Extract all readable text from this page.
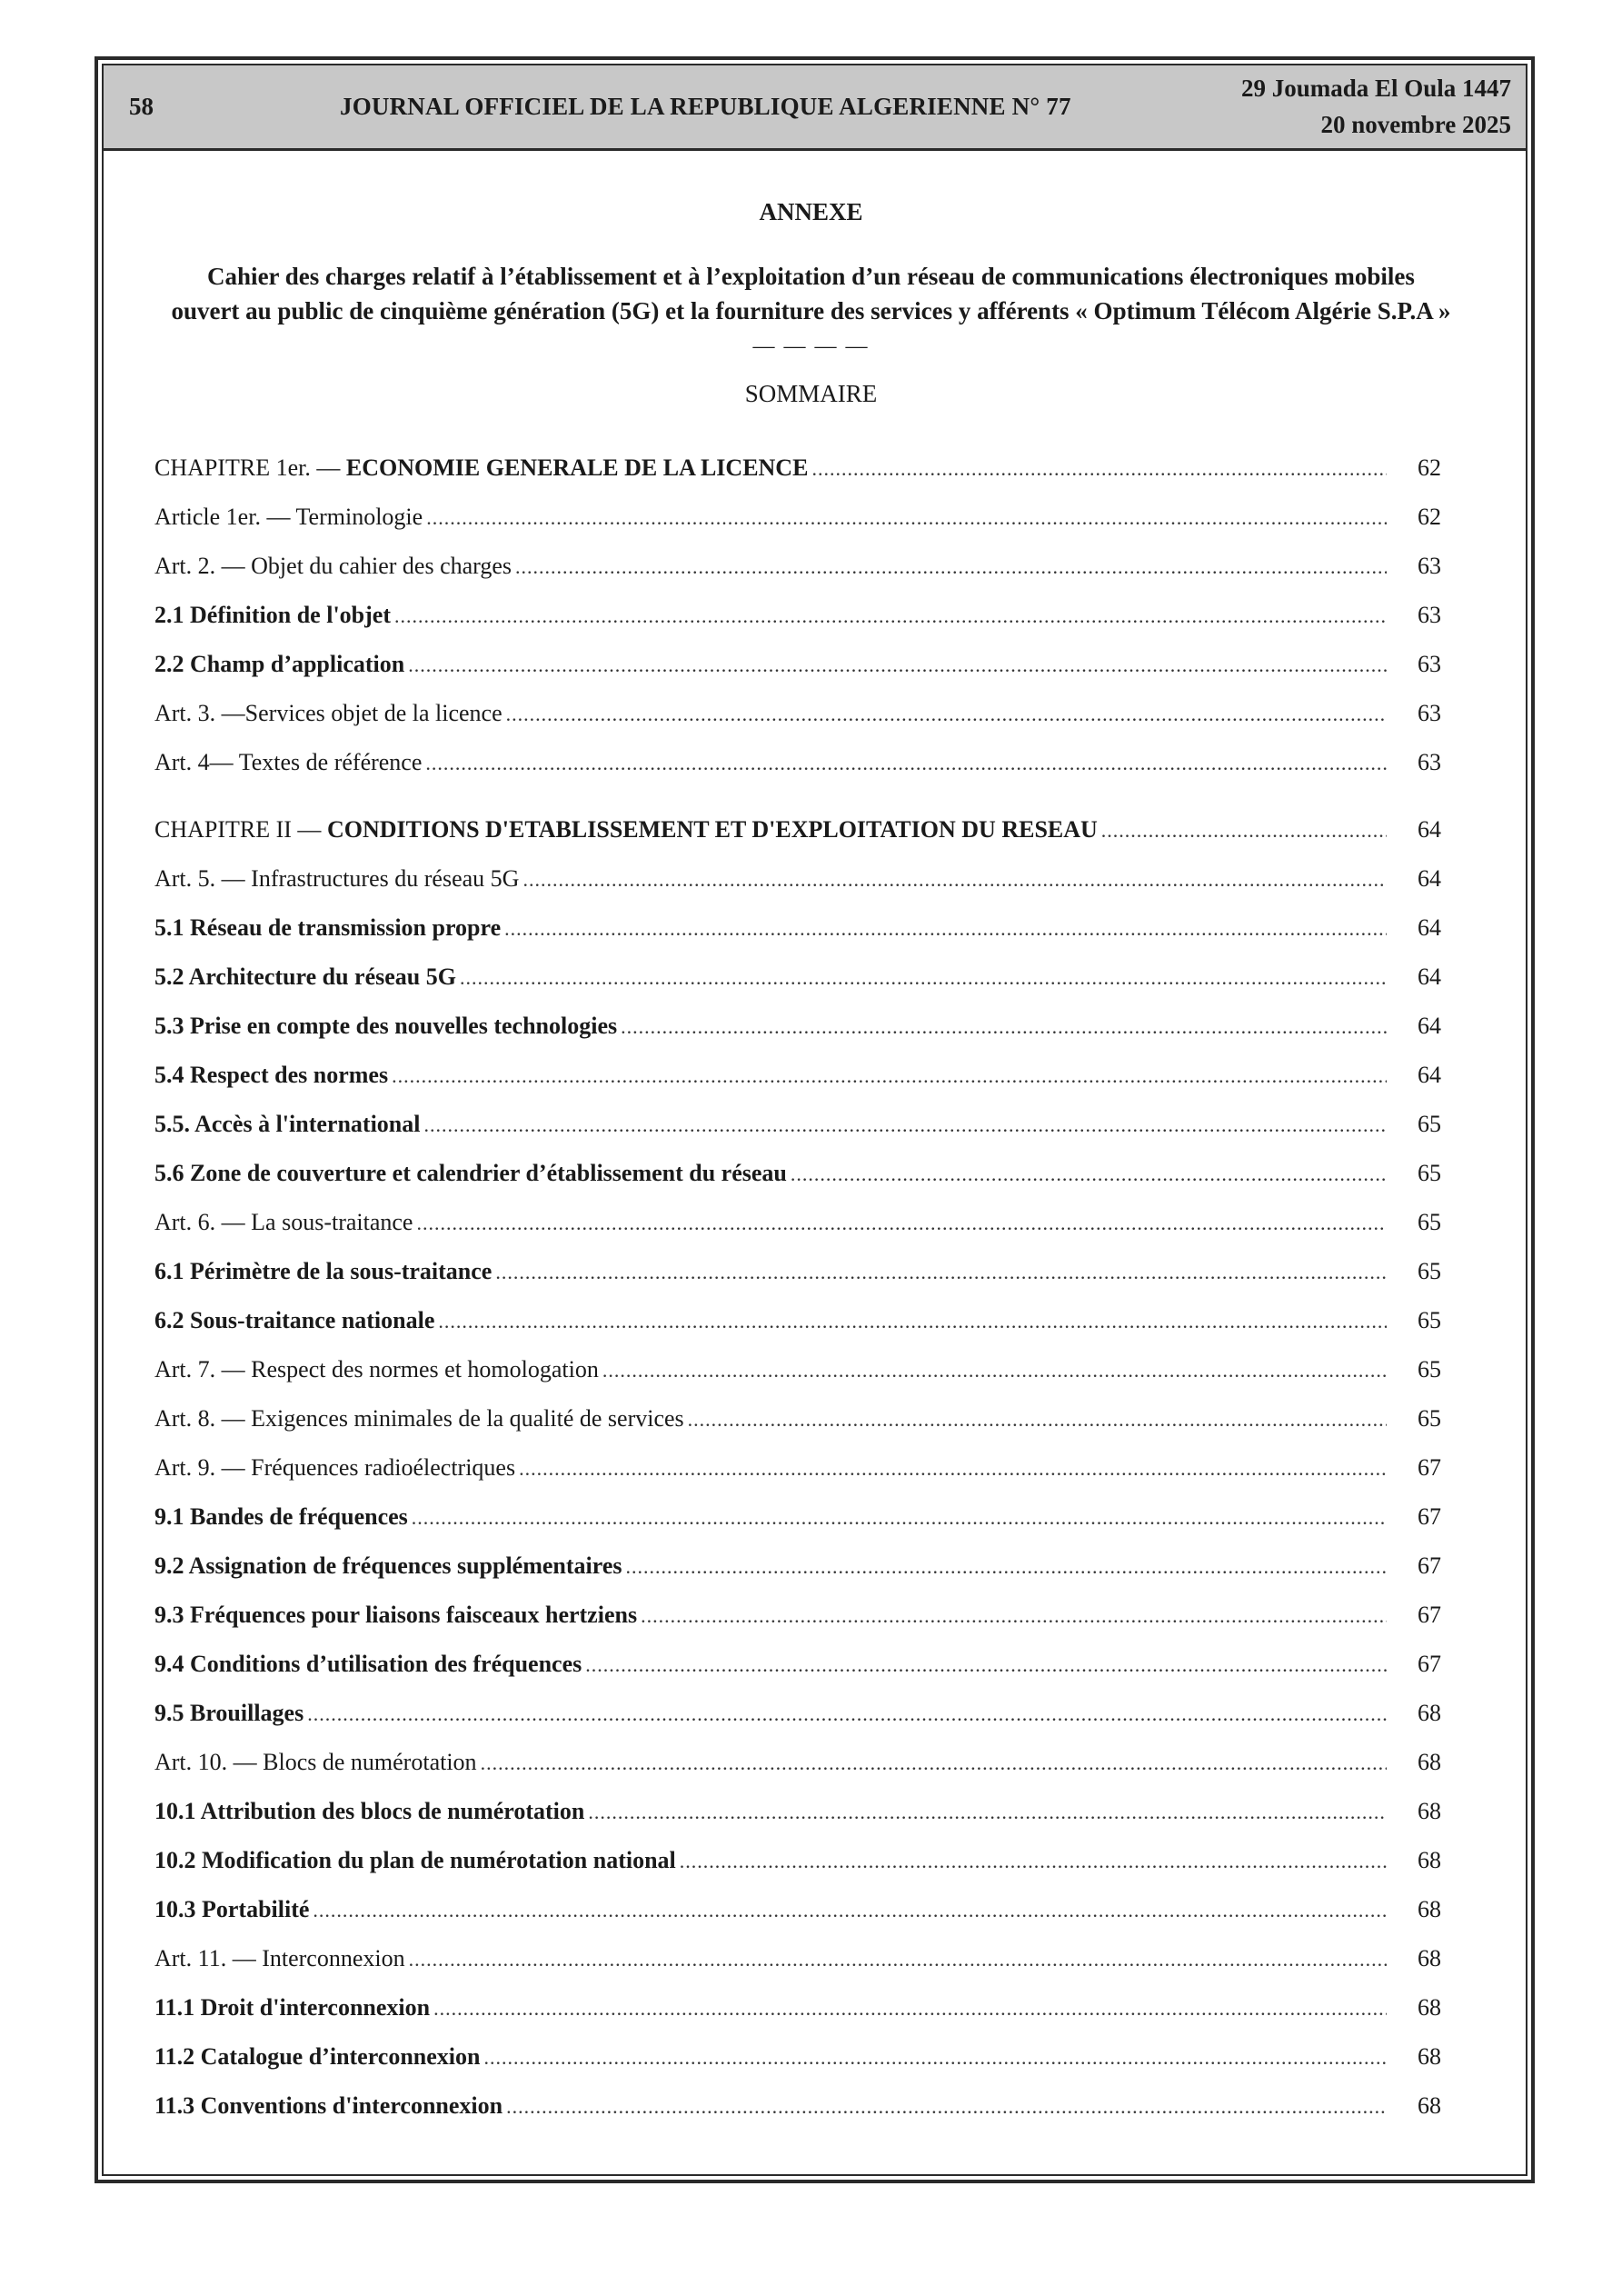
58	JOURNAL OFFICIEL DE LA REPUBLIQUE ALGERIENNE N° 77
29 Joumada El Oula 1447
20 novembre 2025
ANNEXE
Cahier des charges relatif à l’établissement et à l’exploitation d’un réseau de communications électroniques mobiles
ouvert au public de cinquième génération (5G) et la fourniture des services y afférents « Optimum Télécom Algérie S.P.A »
— — — —
SOMMAIRE
CHAPITRE 1er. — ECONOMIE GENERALE DE LA LICENCE .....	62
Article 1er. — Terminologie .....	62
Art. 2. — Objet du cahier des charges .....	63
2.1 Définition de l'objet .....	63
2.2 Champ d’application .....	63
Art. 3. —Services objet de la licence .....	63
Art. 4— Textes de référence .....	63
CHAPITRE II — CONDITIONS D'ETABLISSEMENT ET D'EXPLOITATION DU RESEAU .....	64
Art. 5. — Infrastructures du réseau 5G .....	64
5.1 Réseau de transmission propre .....	64
5.2 Architecture du réseau 5G .....	64
5.3 Prise en compte des nouvelles technologies .....	64
5.4 Respect des normes .....	64
5.5. Accès à l'international .....	65
5.6 Zone de couverture et calendrier d’établissement du réseau .....	65
Art. 6. — La sous-traitance .....	65
6.1 Périmètre de la sous-traitance .....	65
6.2 Sous-traitance nationale .....	65
Art. 7. — Respect des normes et homologation .....	65
Art. 8. — Exigences minimales de la qualité de services .....	65
Art. 9. — Fréquences radioélectriques .....	67
9.1 Bandes de fréquences .....	67
9.2 Assignation de fréquences supplémentaires .....	67
9.3 Fréquences pour liaisons faisceaux hertziens .....	67
9.4 Conditions d’utilisation des fréquences .....	67
9.5 Brouillages .....	68
Art. 10. — Blocs de numérotation .....	68
10.1 Attribution des blocs de numérotation .....	68
10.2 Modification du plan de numérotation national .....	68
10.3 Portabilité .....	68
Art. 11. — Interconnexion .....	68
11.1 Droit d'interconnexion .....	68
11.2 Catalogue d’interconnexion .....	68
11.3 Conventions d'interconnexion .....	68
